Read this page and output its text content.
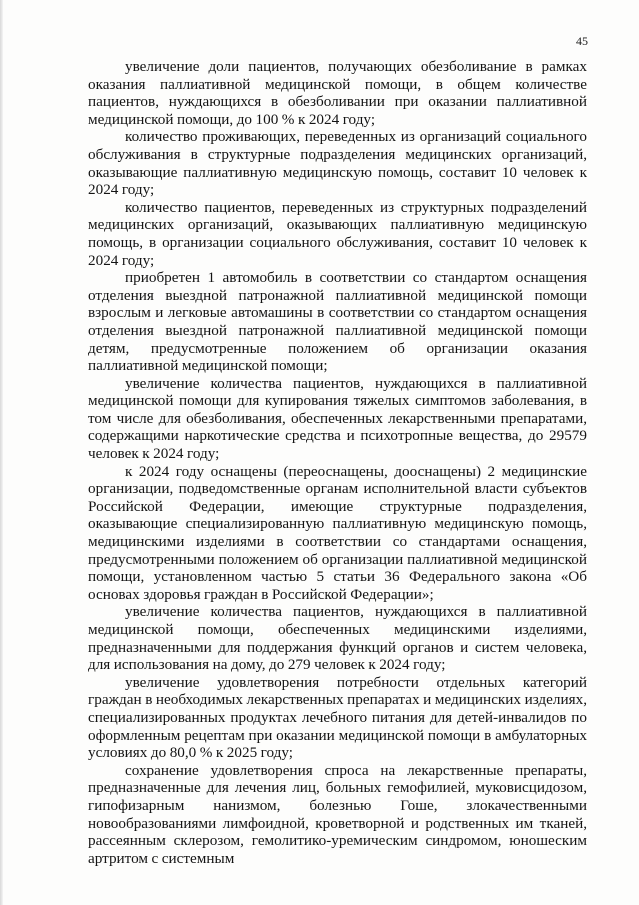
45

увеличение доли пациентов, получающих обезболивание в рамках оказания паллиативной медицинской помощи, в общем количестве пациентов, нуждающихся в обезболивании при оказании паллиативной медицинской помощи, до 100 % к 2024 году;

количество проживающих, переведенных из организаций социального обслуживания в структурные подразделения медицинских организаций, оказывающие паллиативную медицинскую помощь, составит 10 человек к 2024 году;

количество пациентов, переведенных из структурных подразделений медицинских организаций, оказывающих паллиативную медицинскую помощь, в организации социального обслуживания, составит 10 человек к 2024 году;

приобретен 1 автомобиль в соответствии со стандартом оснащения отделения выездной патронажной паллиативной медицинской помощи взрослым и легковые автомашины в соответствии со стандартом оснащения отделения выездной патронажной паллиативной медицинской помощи детям, предусмотренные положением об организации оказания паллиативной медицинской помощи;

увеличение количества пациентов, нуждающихся в паллиативной медицинской помощи для купирования тяжелых симптомов заболевания, в том числе для обезболивания, обеспеченных лекарственными препаратами, содержащими наркотические средства и психотропные вещества, до 29579 человек к 2024 году;

к 2024 году оснащены (переоснащены, дооснащены) 2 медицинские организации, подведомственные органам исполнительной власти субъектов Российской Федерации, имеющие структурные подразделения, оказывающие специализированную паллиативную медицинскую помощь, медицинскими изделиями в соответствии со стандартами оснащения, предусмотренными положением об организации паллиативной медицинской помощи, установленном частью 5 статьи 36 Федерального закона «Об основах здоровья граждан в Российской Федерации»;

увеличение количества пациентов, нуждающихся в паллиативной медицинской помощи, обеспеченных медицинскими изделиями, предназначенными для поддержания функций органов и систем человека, для использования на дому, до 279 человек к 2024 году;

увеличение удовлетворения потребности отдельных категорий граждан в необходимых лекарственных препаратах и медицинских изделиях, специализированных продуктах лечебного питания для детей-инвалидов по оформленным рецептам при оказании медицинской помощи в амбулаторных условиях до 80,0 % к 2025 году;

сохранение удовлетворения спроса на лекарственные препараты, предназначенные для лечения лиц, больных гемофилией, муковисцидозом, гипофизарным нанизмом, болезнью Гоше, злокачественными новообразованиями лимфоидной, кроветворной и родственных им тканей, рассеянным склерозом, гемолитико-уремическим синдромом, юношеским артритом с системным
